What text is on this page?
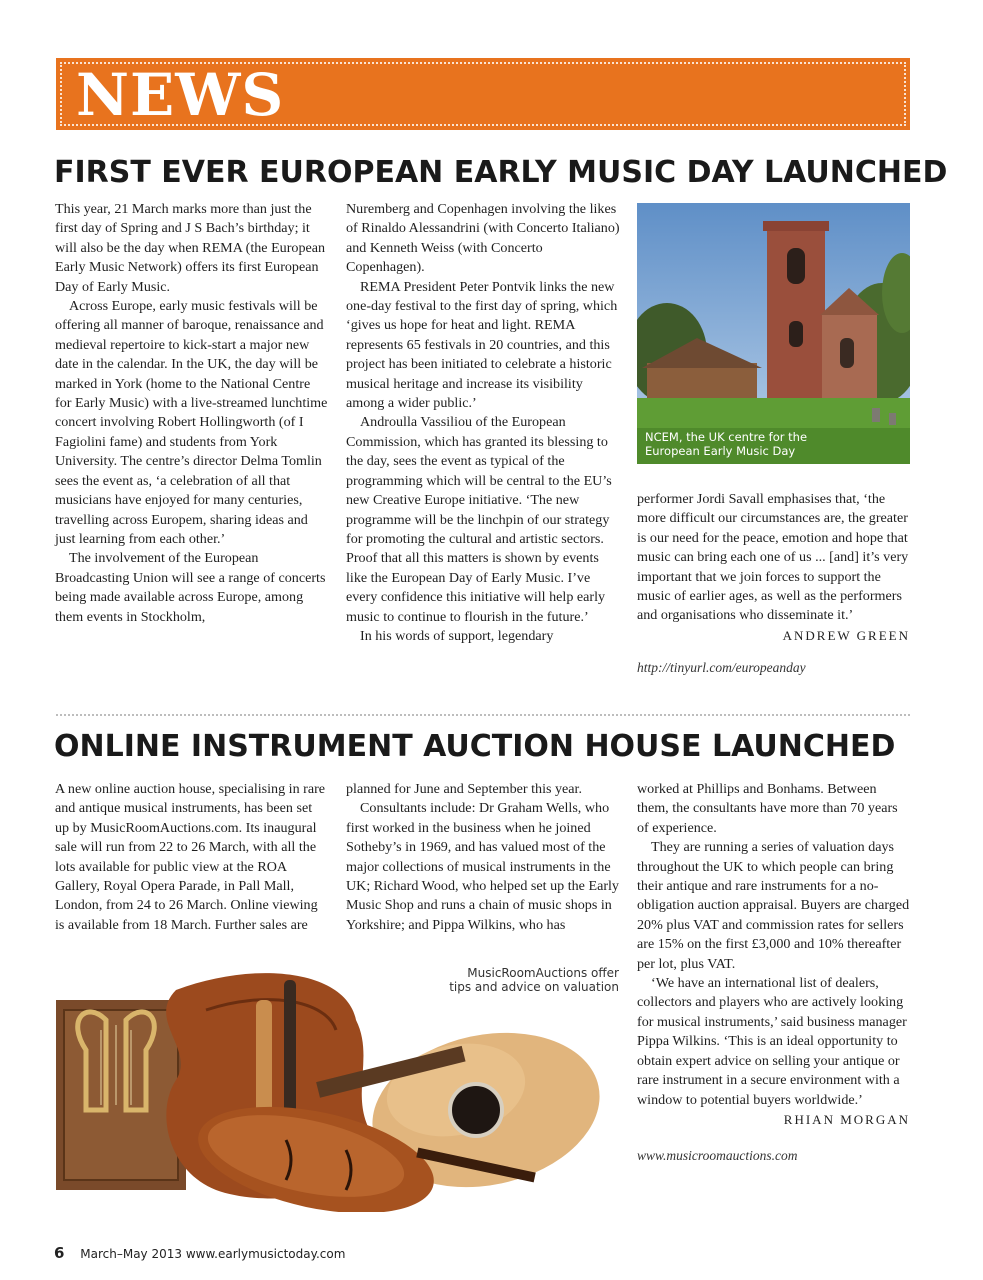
NEWS
FIRST EVER EUROPEAN EARLY MUSIC DAY LAUNCHED

This year, 21 March marks more than just the first day of Spring and J S Bach’s birthday; it will also be the day when REMA (the European Early Music Network) offers its first European Day of Early Music.

Across Europe, early music festivals will be offering all manner of baroque, renaissance and medieval repertoire to kick-start a major new date in the calendar. In the UK, the day will be marked in York (home to the National Centre for Early Music) with a live-streamed lunchtime concert involving Robert Hollingworth (of I Fagiolini fame) and students from York University. The centre’s director Delma Tomlin sees the event as, ‘a celebration of all that musicians have enjoyed for many centuries, travelling across Europem, sharing ideas and just learning from each other.’

The involvement of the European Broadcasting Union will see a range of concerts being made available across Europe, among them events in Stockholm,

Nuremberg and Copenhagen involving the likes of Rinaldo Alessandrini (with Concerto Italiano) and Kenneth Weiss (with Concerto Copenhagen).

REMA President Peter Pontvik links the new one-day festival to the first day of spring, which ‘gives us hope for heat and light. REMA represents 65 festivals in 20 countries, and this project has been initiated to celebrate a historic musical heritage and increase its visibility among a wider public.’

Androulla Vassiliou of the European Commission, which has granted its blessing to the day, sees the event as typical of the programming which will be central to the EU’s new Creative Europe initiative. ‘The new programme will be the linchpin of our strategy for promoting the cultural and artistic sectors. Proof that all this matters is shown by events like the European Day of Early Music. I’ve every confidence this initiative will help early music to continue to flourish in the future.’

In his words of support, legendary

NCEM, the UK centre for the
European Early Music Day

performer Jordi Savall emphasises that, ‘the more difficult our circumstances are, the greater is our need for the peace, emotion and hope that music can bring each one of us ... [and] it’s very important that we join forces to support the music of earlier ages, as well as the performers and organisations who disseminate it.’

ANDREW GREEN
http://tinyurl.com/europeanday
ONLINE INSTRUMENT AUCTION HOUSE LAUNCHED

A new online auction house, specialising in rare and antique musical instruments, has been set up by MusicRoomAuctions.com. Its inaugural sale will run from 22 to 26 March, with all the lots available for public view at the ROA Gallery, Royal Opera Parade, in Pall Mall, London, from 24 to 26 March. Online viewing is available from 18 March. Further sales are

planned for June and September this year.

Consultants include: Dr Graham Wells, who first worked in the business when he joined Sotheby’s in 1969, and has valued most of the major collections of musical instruments in the UK; Richard Wood, who helped set up the Early Music Shop and runs a chain of music shops in Yorkshire; and Pippa Wilkins, who has

MusicRoomAuctions offer
tips and advice on valuation

worked at Phillips and Bonhams. Between them, the consultants have more than 70 years of experience.

They are running a series of valuation days throughout the UK to which people can bring their antique and rare instruments for a no-obligation auction appraisal. Buyers are charged 20% plus VAT and commission rates for sellers are 15% on the first £3,000 and 10% thereafter per lot, plus VAT.

‘We have an international list of dealers, collectors and players who are actively looking for musical instruments,’ said business manager Pippa Wilkins. ‘This is an ideal opportunity to obtain expert advice on selling your antique or rare instrument in a secure environment with a window to potential buyers worldwide.’

RHIAN MORGAN
www.musicroomauctions.com
6 March–May 2013 www.earlymusictoday.com
